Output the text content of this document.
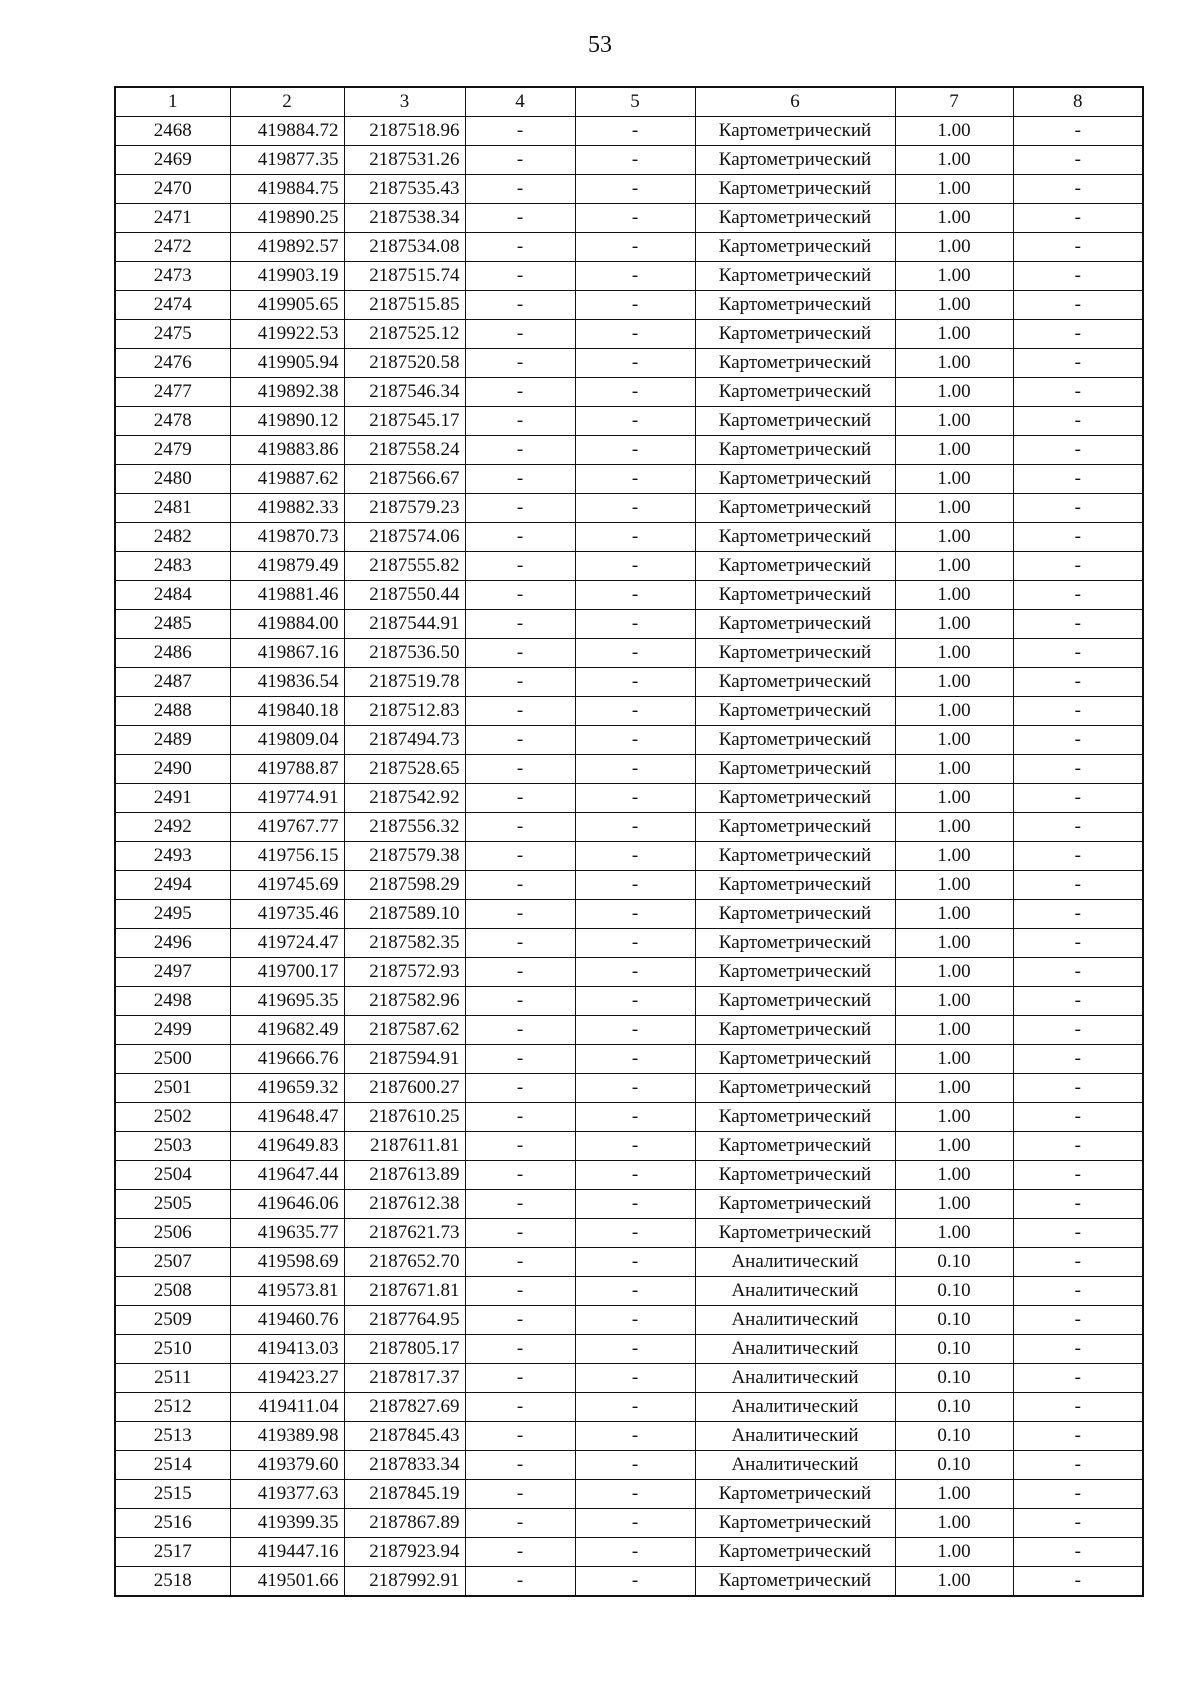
53
1	2	3	4	5	6	7	8
2468	419884.72	2187518.96	-	-	Картометрический	1.00	-
2469	419877.35	2187531.26	-	-	Картометрический	1.00	-
2470	419884.75	2187535.43	-	-	Картометрический	1.00	-
2471	419890.25	2187538.34	-	-	Картометрический	1.00	-
2472	419892.57	2187534.08	-	-	Картометрический	1.00	-
2473	419903.19	2187515.74	-	-	Картометрический	1.00	-
2474	419905.65	2187515.85	-	-	Картометрический	1.00	-
2475	419922.53	2187525.12	-	-	Картометрический	1.00	-
2476	419905.94	2187520.58	-	-	Картометрический	1.00	-
2477	419892.38	2187546.34	-	-	Картометрический	1.00	-
2478	419890.12	2187545.17	-	-	Картометрический	1.00	-
2479	419883.86	2187558.24	-	-	Картометрический	1.00	-
2480	419887.62	2187566.67	-	-	Картометрический	1.00	-
2481	419882.33	2187579.23	-	-	Картометрический	1.00	-
2482	419870.73	2187574.06	-	-	Картометрический	1.00	-
2483	419879.49	2187555.82	-	-	Картометрический	1.00	-
2484	419881.46	2187550.44	-	-	Картометрический	1.00	-
2485	419884.00	2187544.91	-	-	Картометрический	1.00	-
2486	419867.16	2187536.50	-	-	Картометрический	1.00	-
2487	419836.54	2187519.78	-	-	Картометрический	1.00	-
2488	419840.18	2187512.83	-	-	Картометрический	1.00	-
2489	419809.04	2187494.73	-	-	Картометрический	1.00	-
2490	419788.87	2187528.65	-	-	Картометрический	1.00	-
2491	419774.91	2187542.92	-	-	Картометрический	1.00	-
2492	419767.77	2187556.32	-	-	Картометрический	1.00	-
2493	419756.15	2187579.38	-	-	Картометрический	1.00	-
2494	419745.69	2187598.29	-	-	Картометрический	1.00	-
2495	419735.46	2187589.10	-	-	Картометрический	1.00	-
2496	419724.47	2187582.35	-	-	Картометрический	1.00	-
2497	419700.17	2187572.93	-	-	Картометрический	1.00	-
2498	419695.35	2187582.96	-	-	Картометрический	1.00	-
2499	419682.49	2187587.62	-	-	Картометрический	1.00	-
2500	419666.76	2187594.91	-	-	Картометрический	1.00	-
2501	419659.32	2187600.27	-	-	Картометрический	1.00	-
2502	419648.47	2187610.25	-	-	Картометрический	1.00	-
2503	419649.83	2187611.81	-	-	Картометрический	1.00	-
2504	419647.44	2187613.89	-	-	Картометрический	1.00	-
2505	419646.06	2187612.38	-	-	Картометрический	1.00	-
2506	419635.77	2187621.73	-	-	Картометрический	1.00	-
2507	419598.69	2187652.70	-	-	Аналитический	0.10	-
2508	419573.81	2187671.81	-	-	Аналитический	0.10	-
2509	419460.76	2187764.95	-	-	Аналитический	0.10	-
2510	419413.03	2187805.17	-	-	Аналитический	0.10	-
2511	419423.27	2187817.37	-	-	Аналитический	0.10	-
2512	419411.04	2187827.69	-	-	Аналитический	0.10	-
2513	419389.98	2187845.43	-	-	Аналитический	0.10	-
2514	419379.60	2187833.34	-	-	Аналитический	0.10	-
2515	419377.63	2187845.19	-	-	Картометрический	1.00	-
2516	419399.35	2187867.89	-	-	Картометрический	1.00	-
2517	419447.16	2187923.94	-	-	Картометрический	1.00	-
2518	419501.66	2187992.91	-	-	Картометрический	1.00	-
